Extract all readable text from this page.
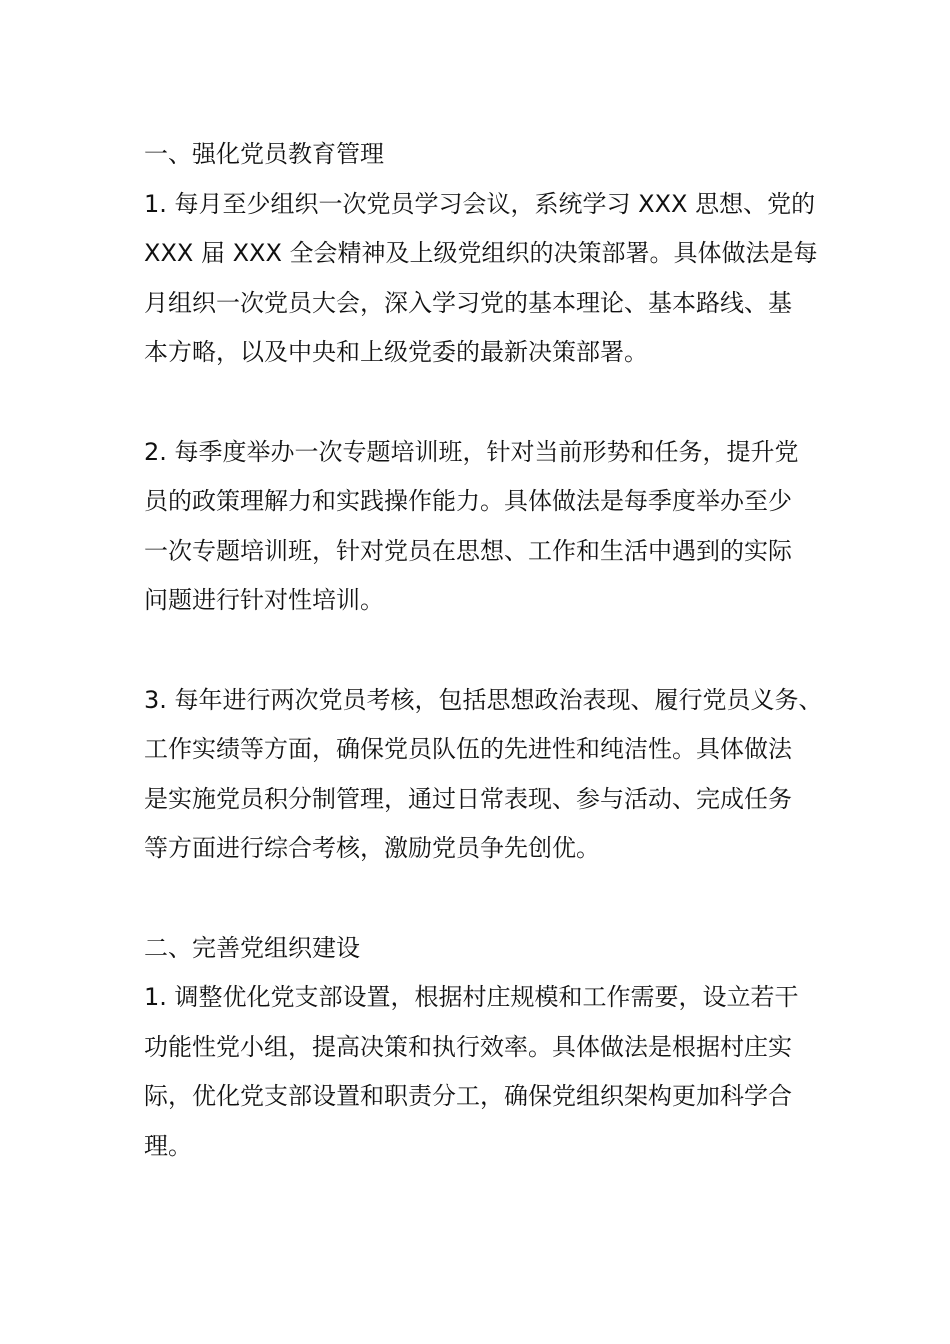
一、强化党员教育管理

1. 每月至少组织一次党员学习会议，系统学习 XXX 思想、党的
XXX 届 XXX 全会精神及上级党组织的决策部署。具体做法是每
月组织一次党员大会，深入学习党的基本理论、基本路线、基
本方略，以及中央和上级党委的最新决策部署。
2. 每季度举办一次专题培训班，针对当前形势和任务，提升党
员的政策理解力和实践操作能力。具体做法是每季度举办至少
一次专题培训班，针对党员在思想、工作和生活中遇到的实际
问题进行针对性培训。
3. 每年进行两次党员考核，包括思想政治表现、履行党员义务、
工作实绩等方面，确保党员队伍的先进性和纯洁性。具体做法
是实施党员积分制管理，通过日常表现、参与活动、完成任务
等方面进行综合考核，激励党员争先创优。

二、完善党组织建设

1. 调整优化党支部设置，根据村庄规模和工作需要，设立若干
功能性党小组，提高决策和执行效率。具体做法是根据村庄实
际，优化党支部设置和职责分工，确保党组织架构更加科学合
理。
